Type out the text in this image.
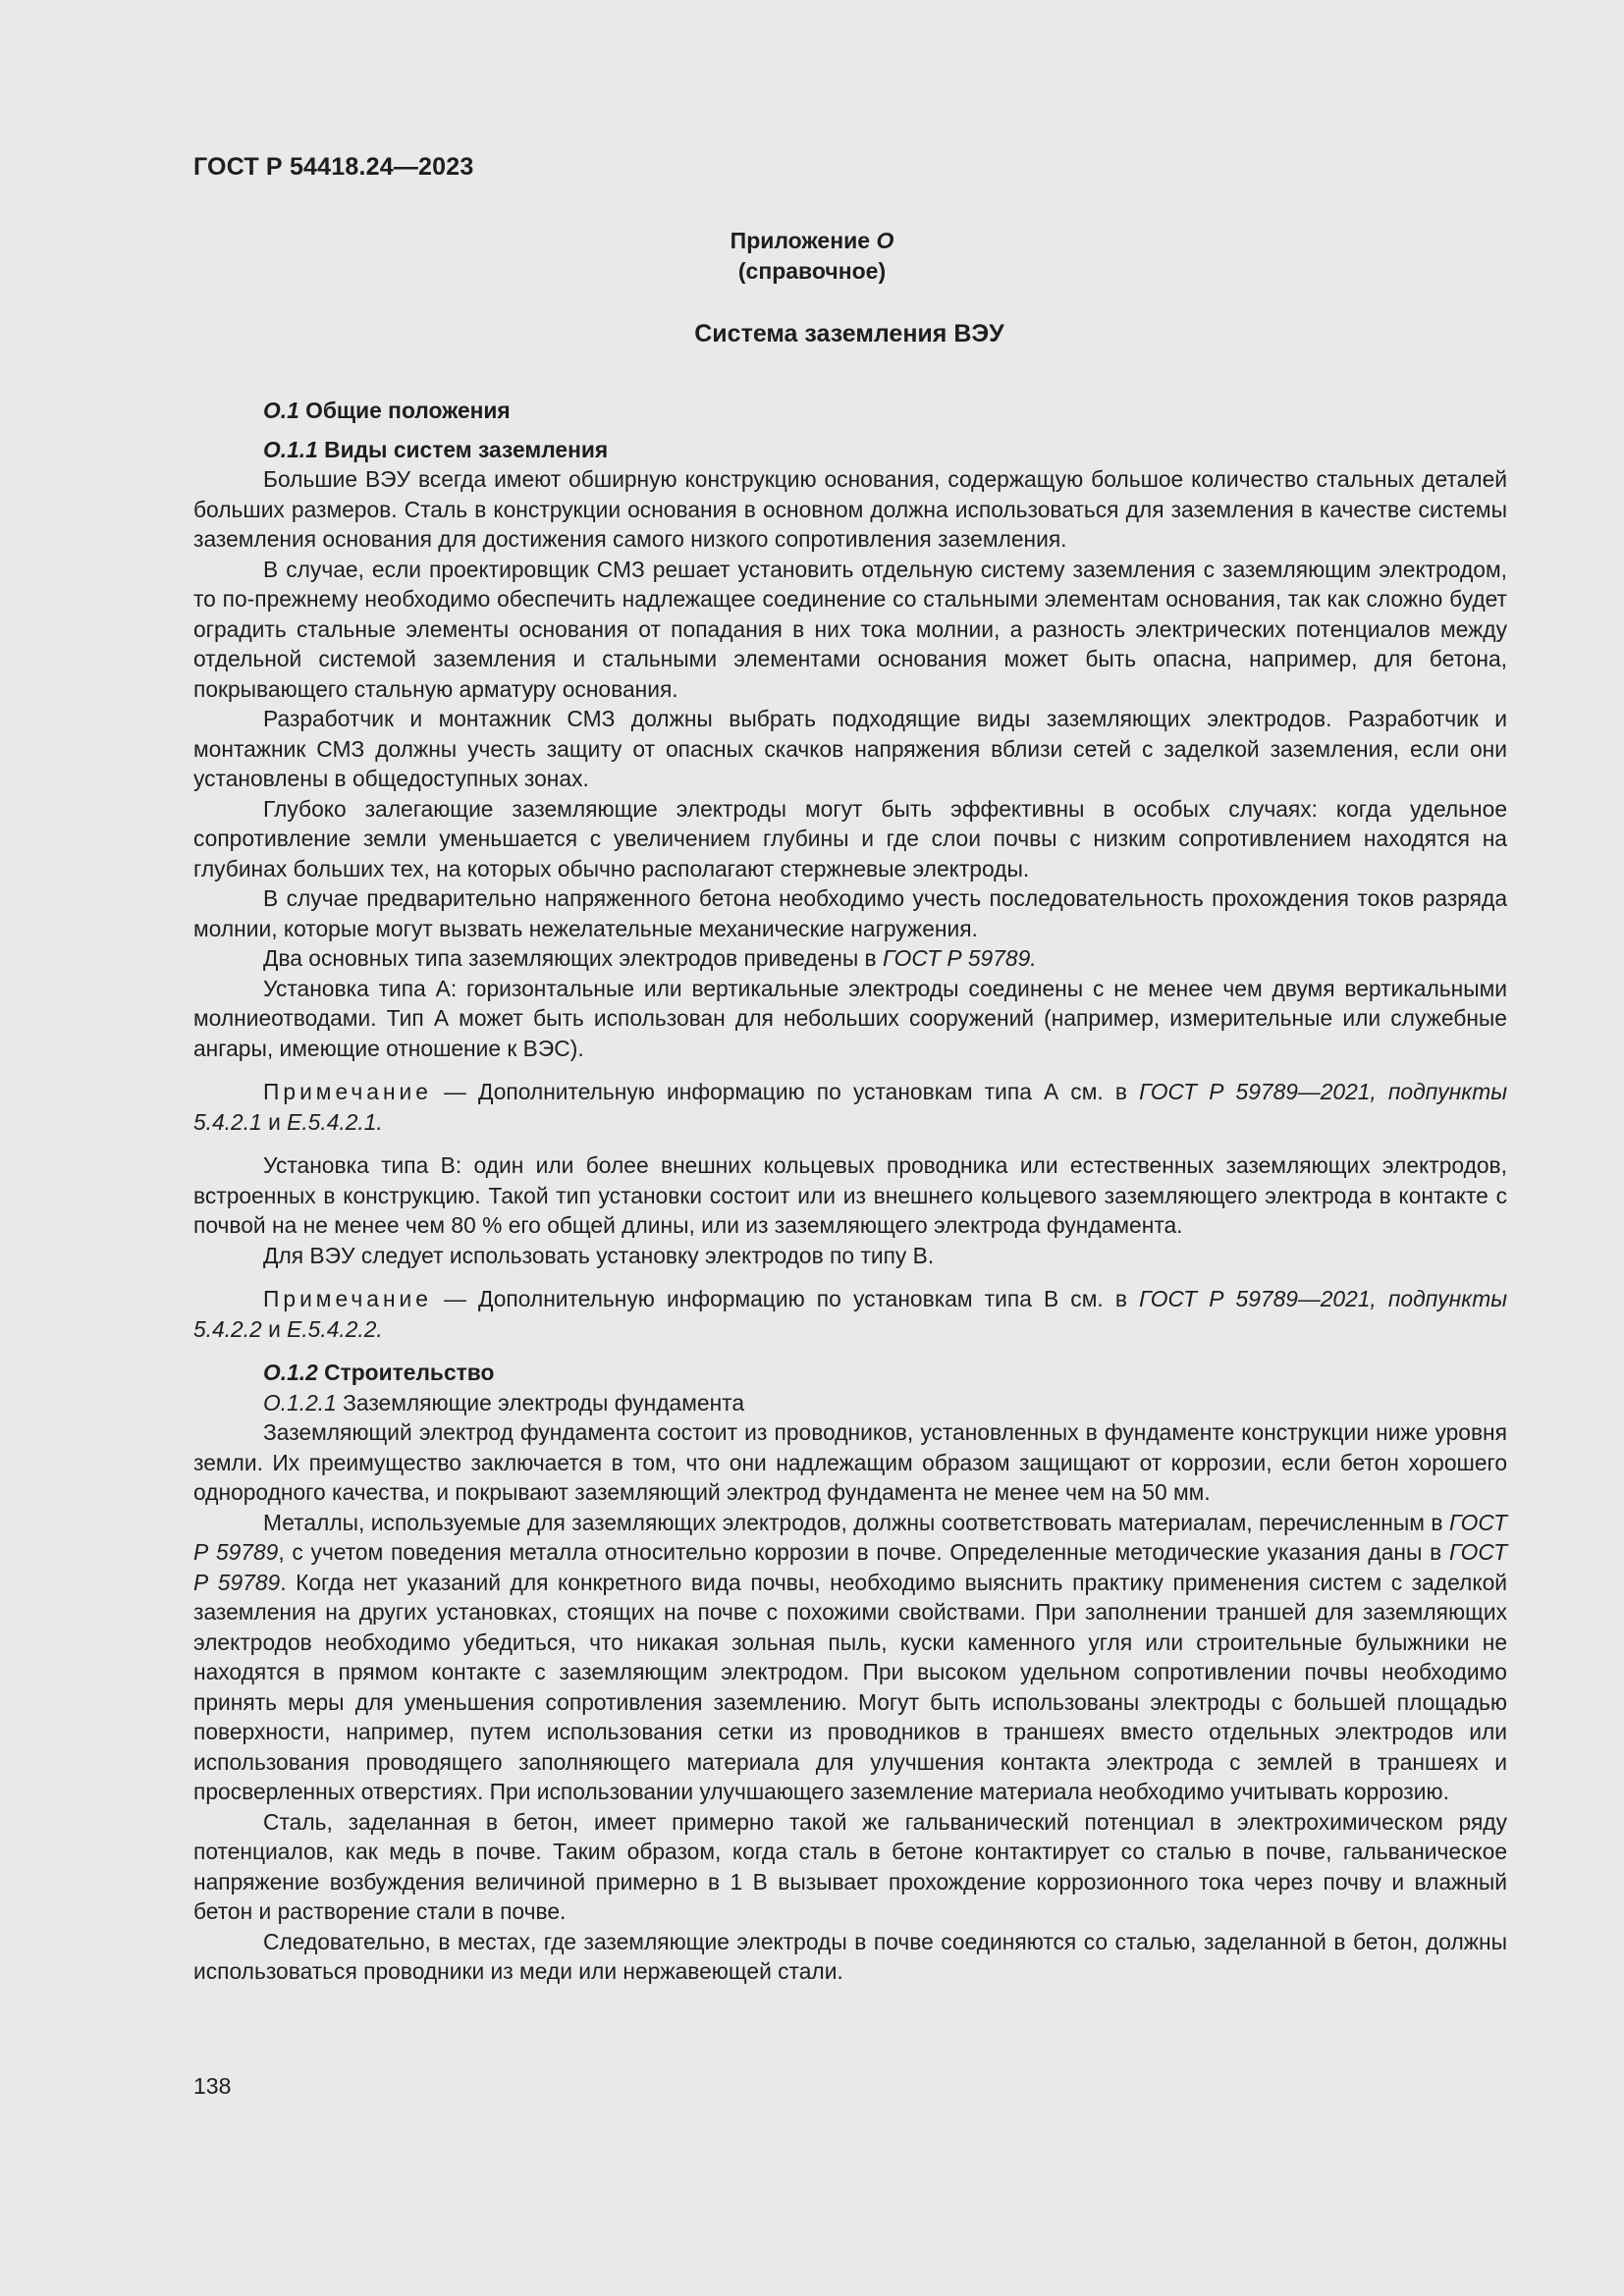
ГОСТ Р 54418.24—2023
Приложение О
(справочное)
Система заземления ВЭУ

О.1 Общие положения

О.1.1 Виды систем заземления

Большие ВЭУ всегда имеют обширную конструкцию основания, содержащую большое количество стальных деталей больших размеров. Сталь в конструкции основания в основном должна использоваться для заземления в качестве системы заземления основания для достижения самого низкого сопротивления заземления.

В случае, если проектировщик СМЗ решает установить отдельную систему заземления с заземляющим электродом, то по-прежнему необходимо обеспечить надлежащее соединение со стальными элементам основания, так как сложно будет оградить стальные элементы основания от попадания в них тока молнии, а разность электрических потенциалов между отдельной системой заземления и стальными элементами основания может быть опасна, например, для бетона, покрывающего стальную арматуру основания.

Разработчик и монтажник СМЗ должны выбрать подходящие виды заземляющих электродов. Разработчик и монтажник СМЗ должны учесть защиту от опасных скачков напряжения вблизи сетей с заделкой заземления, если они установлены в общедоступных зонах.

Глубоко залегающие заземляющие электроды могут быть эффективны в особых случаях: когда удельное сопротивление земли уменьшается с увеличением глубины и где слои почвы с низким сопротивлением находятся на глубинах больших тех, на которых обычно располагают стержневые электроды.

В случае предварительно напряженного бетона необходимо учесть последовательность прохождения токов разряда молнии, которые могут вызвать нежелательные механические нагружения.

Два основных типа заземляющих электродов приведены в ГОСТ Р 59789.

Установка типа А: горизонтальные или вертикальные электроды соединены с не менее чем двумя вертикальными молниеотводами. Тип А может быть использован для небольших сооружений (например, измерительные или служебные ангары, имеющие отношение к ВЭС).

Примечание — Дополнительную информацию по установкам типа А см. в ГОСТ Р 59789—2021, подпункты 5.4.2.1 и Е.5.4.2.1.

Установка типа В: один или более внешних кольцевых проводника или естественных заземляющих электродов, встроенных в конструкцию. Такой тип установки состоит или из внешнего кольцевого заземляющего электрода в контакте с почвой на не менее чем 80 % его общей длины, или из заземляющего электрода фундамента.

Для ВЭУ следует использовать установку электродов по типу В.

Примечание — Дополнительную информацию по установкам типа В см. в ГОСТ Р 59789—2021, подпункты 5.4.2.2 и Е.5.4.2.2.

О.1.2 Строительство

О.1.2.1 Заземляющие электроды фундамента

Заземляющий электрод фундамента состоит из проводников, установленных в фундаменте конструкции ниже уровня земли. Их преимущество заключается в том, что они надлежащим образом защищают от коррозии, если бетон хорошего однородного качества, и покрывают заземляющий электрод фундамента не менее чем на 50 мм.

Металлы, используемые для заземляющих электродов, должны соответствовать материалам, перечисленным в ГОСТ Р 59789, с учетом поведения металла относительно коррозии в почве. Определенные методические указания даны в ГОСТ Р 59789. Когда нет указаний для конкретного вида почвы, необходимо выяснить практику применения систем с заделкой заземления на других установках, стоящих на почве с похожими свойствами. При заполнении траншей для заземляющих электродов необходимо убедиться, что никакая зольная пыль, куски каменного угля или строительные булыжники не находятся в прямом контакте с заземляющим электродом. При высоком удельном сопротивлении почвы необходимо принять меры для уменьшения сопротивления заземлению. Могут быть использованы электроды с большей площадью поверхности, например, путем использования сетки из проводников в траншеях вместо отдельных электродов или использования проводящего заполняющего материала для улучшения контакта электрода с землей в траншеях и просверленных отверстиях. При использовании улучшающего заземление материала необходимо учитывать коррозию.

Сталь, заделанная в бетон, имеет примерно такой же гальванический потенциал в электрохимическом ряду потенциалов, как медь в почве. Таким образом, когда сталь в бетоне контактирует со сталью в почве, гальваническое напряжение возбуждения величиной примерно в 1 В вызывает прохождение коррозионного тока через почву и влажный бетон и растворение стали в почве.

Следовательно, в местах, где заземляющие электроды в почве соединяются со сталью, заделанной в бетон, должны использоваться проводники из меди или нержавеющей стали.

138
